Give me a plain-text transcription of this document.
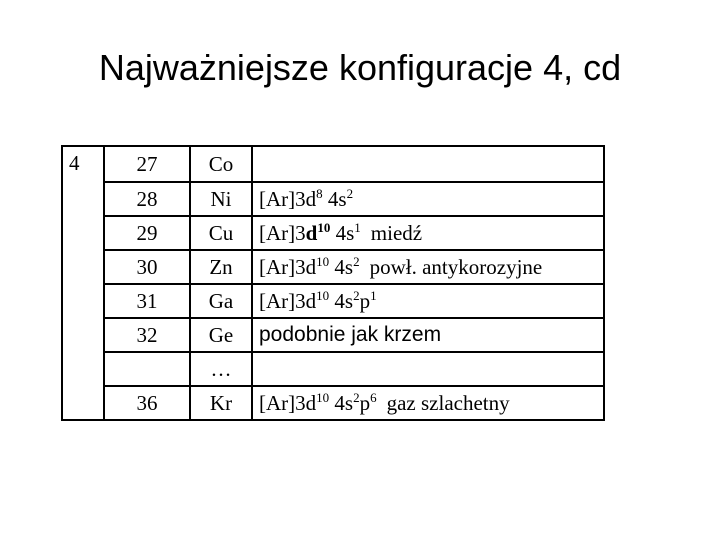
Najważniejsze konfiguracje 4, cd
4	27	Co	
	28	Ni	$[Ar]3d^8$ $4s^2$
	29	Cu	$[Ar]3d^{10}$ $4s^1$ miedź
	30	Zn	$[Ar]3d^{10}$ $4s^2$ powł. antykorozyjne
	31	Ga	$[Ar]3d^{10}$ $4s^2p^1$
	32	Ge	podobnie jak krzem
		…	
	36	Kr	$[Ar]3d^{10}$ $4s^2p^6$ gaz szlachetny
